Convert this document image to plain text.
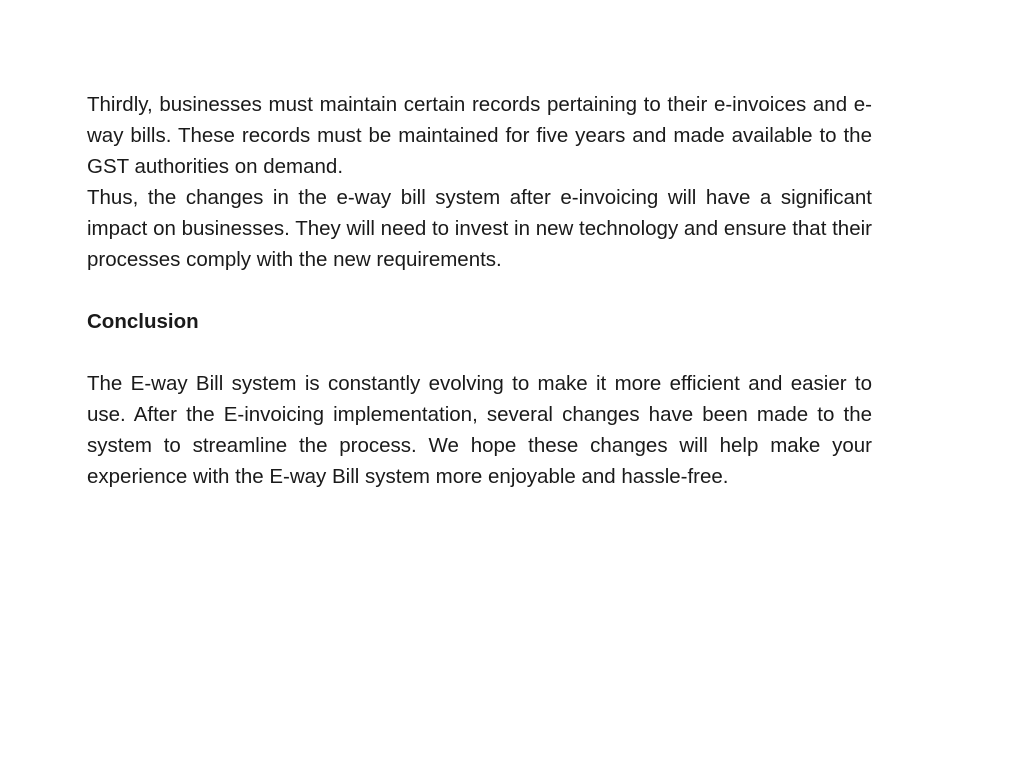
Thirdly, businesses must maintain certain records pertaining to their e-invoices and e-way bills. These records must be maintained for five years and made available to the GST authorities on demand.

Thus, the changes in the e-way bill system after e-invoicing will have a significant impact on businesses. They will need to invest in new technology and ensure that their processes comply with the new requirements.

Conclusion

The E-way Bill system is constantly evolving to make it more efficient and easier to use. After the E-invoicing implementation, several changes have been made to the system to streamline the process. We hope these changes will help make your experience with the E-way Bill system more enjoyable and hassle-free.
